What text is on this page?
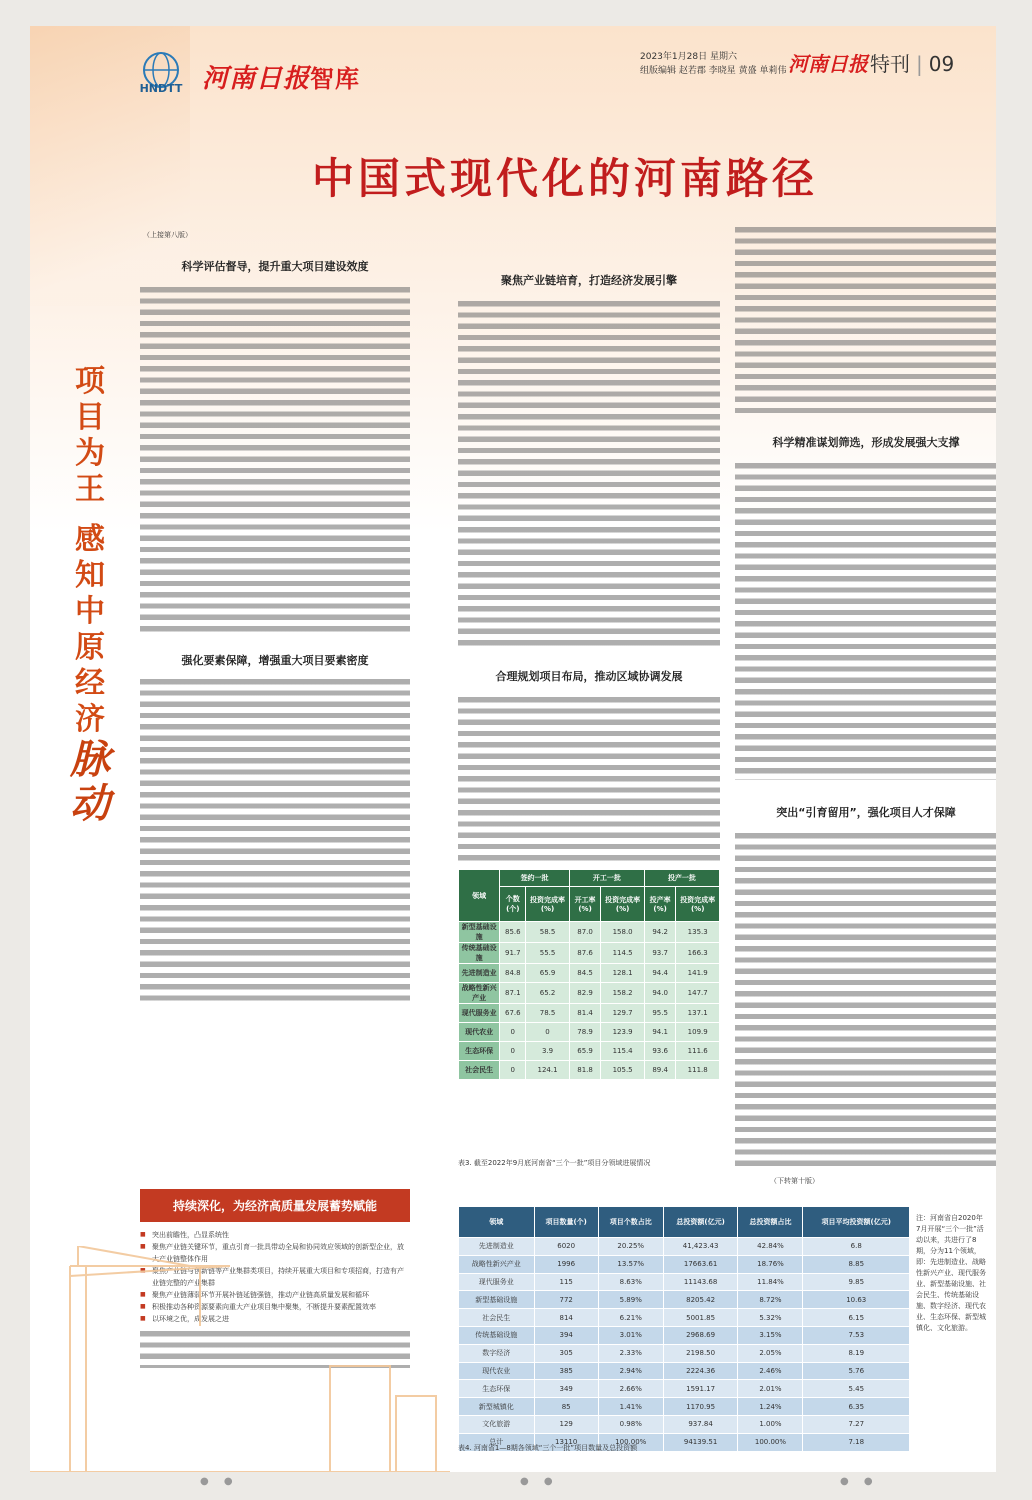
HNDTT 河南日报智库
2023年1月28日 星期六
组版编辑 赵若郡 李晓星 黄盛 单莉伟 河南日报 特刊 | 09
中国式现代化的河南路径
项目为王
感知中原经济
脉动
（上接第八版）
科学评估督导，提升重大项目建设效度
强化要素保障，增强重大项目要素密度
持续深化，为经济高质量发展蓄势赋能
■ 突出前瞻性，凸显系统性
■ 聚焦产业链关键环节，重点引育一批具带动全局和协同效应领域的创新型企业，放大产业链整体作用
■ 聚焦产业链与创新链等产业集群类项目，持续开展重大项目和专项招商，打造有产业链完整的产业集群
■ 聚焦产业链薄弱环节开展补链延链强链，推动产业链高质量发展和循环
■ 积极推动各种资源要素向重大产业项目集中聚集，不断提升要素配置效率
■ 以环境之优，成发展之进
聚焦产业链培育，打造经济发展引擎
合理规划项目布局，推动区域协调发展
领域	签约一批		开工一批		投产一批	
	个数(个)	投资完成率(%)	开工率(%)	投资完成率(%)	投产率(%)	投资完成率(%)
新型基础设施	85.6	58.5	87.0	158.0	94.2	135.3
传统基础设施	91.7	55.5	87.6	114.5	93.7	166.3
先进制造业	84.8	65.9	84.5	128.1	94.4	141.9
战略性新兴产业	87.1	65.2	82.9	158.2	94.0	147.7
现代服务业	67.6	78.5	81.4	129.7	95.5	137.1
现代农业	0	0	78.9	123.9	94.1	109.9
生态环保	0	3.9	65.9	115.4	93.6	111.6
社会民生	0	124.1	81.8	105.5	89.4	111.8
表3. 截至2022年9月底河南省“三个一批”项目分领域进展情况
领域	项目数量(个)	项目个数占比	总投资额(亿元)	总投资额占比	项目平均投资额(亿元)
先进制造业	6020	20.25%	41,423.43	42.84%	6.8
战略性新兴产业	1996	13.57%	17663.61	18.76%	8.85
现代服务业	115	8.63%	11143.68	11.84%	9.85
新型基础设施	772	5.89%	8205.42	8.72%	10.63
社会民生	814	6.21%	5001.85	5.32%	6.15
传统基础设施	394	3.01%	2968.69	3.15%	7.53
数字经济	305	2.33%	2198.50	2.05%	8.19
现代农业	385	2.94%	2224.36	2.46%	5.76
生态环保	349	2.66%	1591.17	2.01%	5.45
新型城镇化	85	1.41%	1170.95	1.24%	6.35
文化旅游	129	0.98%	937.84	1.00%	7.27
总计	13110	100.00%	94139.51	100.00%	7.18
表4. 河南省1—8期各领域“三个一批”项目数量及总投资额
注：河南省自2020年7月开展“三个一批”活动以来，共进行了8期，分为11个领域，即：先进制造业、战略性新兴产业、现代服务业、新型基础设施、社会民生、传统基础设施、数字经济、现代农业、生态环保、新型城镇化、文化旅游。
科学精准谋划筛选，形成发展强大支撑
突出“引育留用”，强化项目人才保障
（下转第十版）
● ●	● ●	● ●
